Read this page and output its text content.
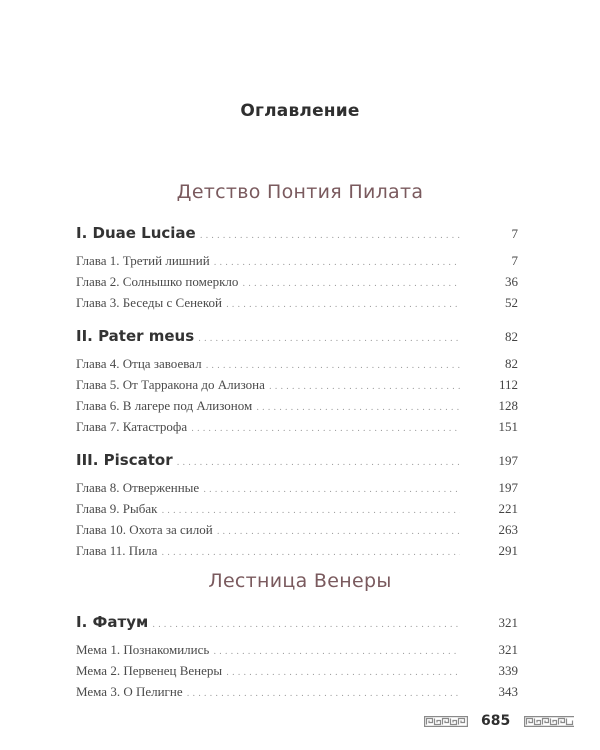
Оглавление
Детство Понтия Пилата
I. Duae Luciae . . .	7
Глава 1. Третий лишний . . .	7
Глава 2. Солнышко померкло . . .	36
Глава 3. Беседы с Сенекой . . .	52
II. Pater meus . . .	82
Глава 4. Отца завоевал . . .	82
Глава 5. От Тарракона до Ализона . . .	112
Глава 6. В лагере под Ализоном . . .	128
Глава 7. Катастрофа . . .	151
III. Piscator . . .	197
Глава 8. Отверженные . . .	197
Глава 9. Рыбак . . .	221
Глава 10. Охота за силой . . .	263
Глава 11. Пила . . .	291
Лестница Венеры
I. Фатум . . .	321
Мема 1. Познакомились . . .	321
Мема 2. Первенец Венеры . . .	339
Мема 3. О Пелигне . . .	343
685
